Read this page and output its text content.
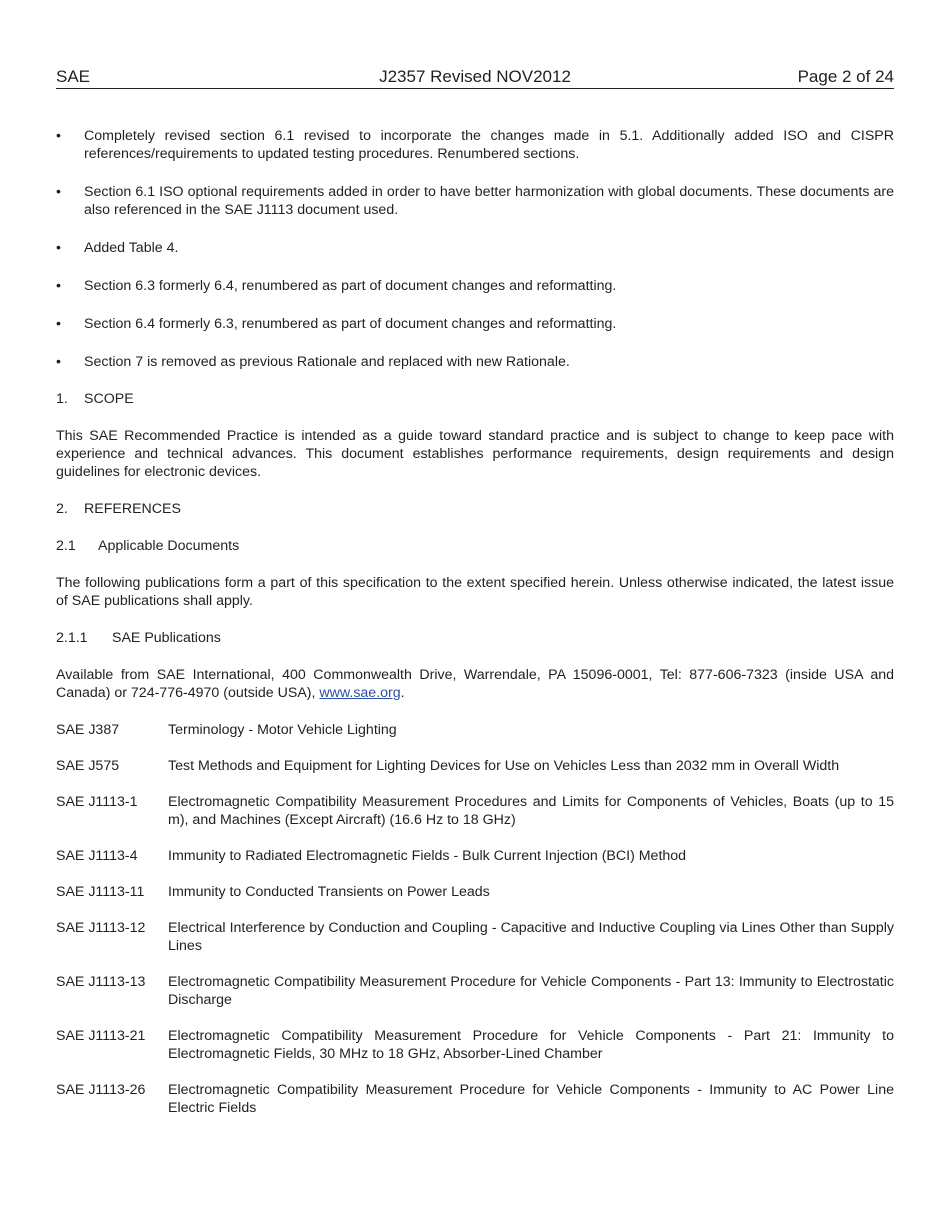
SAE	J2357 Revised NOV2012	Page 2 of 24
• Completely revised section 6.1 revised to incorporate the changes made in 5.1. Additionally added ISO and CISPR references/requirements to updated testing procedures. Renumbered sections.
• Section 6.1 ISO optional requirements added in order to have better harmonization with global documents. These documents are also referenced in the SAE J1113 document used.
• Added Table 4.
• Section 6.3 formerly 6.4, renumbered as part of document changes and reformatting.
• Section 6.4 formerly 6.3, renumbered as part of document changes and reformatting.
• Section 7 is removed as previous Rationale and replaced with new Rationale.
1. SCOPE

This SAE Recommended Practice is intended as a guide toward standard practice and is subject to change to keep pace with experience and technical advances. This document establishes performance requirements, design requirements and design guidelines for electronic devices.

2. REFERENCES
2.1 Applicable Documents

The following publications form a part of this specification to the extent specified herein. Unless otherwise indicated, the latest issue of SAE publications shall apply.

2.1.1 SAE Publications

Available from SAE International, 400 Commonwealth Drive, Warrendale, PA 15096-0001, Tel: 877-606-7323 (inside USA and Canada) or 724-776-4970 (outside USA), www.sae.org.

SAE J387	Terminology - Motor Vehicle Lighting
SAE J575	Test Methods and Equipment for Lighting Devices for Use on Vehicles Less than 2032 mm in Overall Width
SAE J1113-1	Electromagnetic Compatibility Measurement Procedures and Limits for Components of Vehicles, Boats (up to 15 m), and Machines (Except Aircraft) (16.6 Hz to 18 GHz)
SAE J1113-4	Immunity to Radiated Electromagnetic Fields - Bulk Current Injection (BCI) Method
SAE J1113-11	Immunity to Conducted Transients on Power Leads
SAE J1113-12	Electrical Interference by Conduction and Coupling - Capacitive and Inductive Coupling via Lines Other than Supply Lines
SAE J1113-13	Electromagnetic Compatibility Measurement Procedure for Vehicle Components - Part 13: Immunity to Electrostatic Discharge
SAE J1113-21	Electromagnetic Compatibility Measurement Procedure for Vehicle Components - Part 21: Immunity to Electromagnetic Fields, 30 MHz to 18 GHz, Absorber-Lined Chamber
SAE J1113-26	Electromagnetic Compatibility Measurement Procedure for Vehicle Components - Immunity to AC Power Line Electric Fields
